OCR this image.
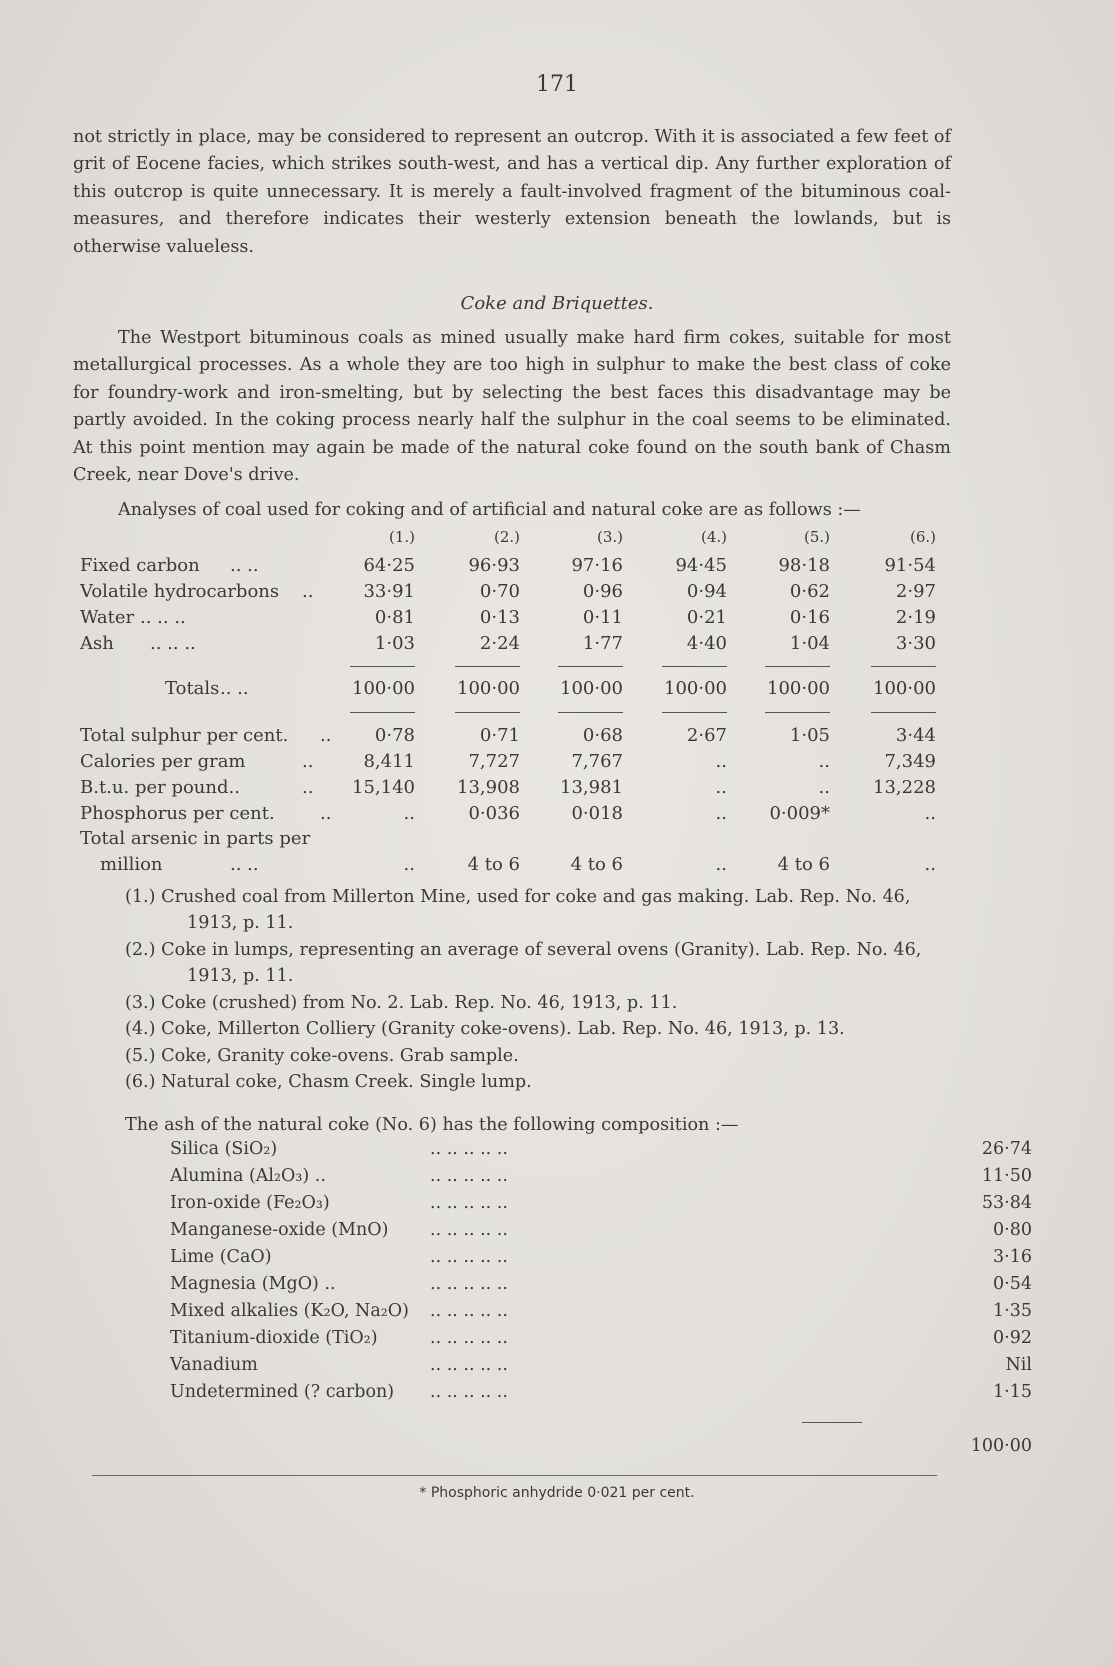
171
not strictly in place, may be considered to represent an outcrop. With it is associated a few feet of grit of Eocene facies, which strikes south-west, and has a vertical dip. Any further exploration of this outcrop is quite unnecessary. It is merely a fault-involved fragment of the bituminous coal-measures, and therefore indicates their westerly extension beneath the lowlands, but is otherwise valueless.
Coke and Briquettes.
The Westport bituminous coals as mined usually make hard firm cokes, suitable for most metallurgical processes. As a whole they are too high in sulphur to make the best class of coke for foundry-work and iron-smelting, but by selecting the best faces this disadvantage may be partly avoided. In the coking process nearly half the sulphur in the coal seems to be eliminated. At this point mention may again be made of the natural coke found on the south bank of Chasm Creek, near Dove's drive.
Analyses of coal used for coking and of artificial and natural coke are as follows :—
(1.)	(2.)	(3.)	(4.)	(5.)	(6.)
Fixed carbon .. ..	64·25	96·93	97·16	94·45	98·18	91·54
Volatile hydrocarbons ..	33·91	0·70	0·96	0·94	0·62	2·97
Water .. .. ..	0·81	0·13	0·11	0·21	0·16	2·19
Ash .. .. ..	1·03	2·24	1·77	4·40	1·04	3·30
Totals .. ..	100·00	100·00	100·00	100·00	100·00	100·00
Total sulphur per cent. ..	0·78	0·71	0·68	2·67	1·05	3·44
Calories per gram	..	8,411	7,727	7,767	..	..	7,349
B.t.u. per pound..	..	15,140	13,908	13,981	..	..	13,228
Phosphorus per cent.	..	..	0·036	0·018	..	0·009*	..
Total arsenic in parts per
million	.. ..	..	4 to 6	4 to 6	..	4 to 6	..
(1.) Crushed coal from Millerton Mine, used for coke and gas making. Lab. Rep. No. 46,
1913, p. 11.
(2.) Coke in lumps, representing an average of several ovens (Granity). Lab. Rep. No. 46,
1913, p. 11.
(3.) Coke (crushed) from No. 2. Lab. Rep. No. 46, 1913, p. 11.
(4.) Coke, Millerton Colliery (Granity coke-ovens). Lab. Rep. No. 46, 1913, p. 13.
(5.) Coke, Granity coke-ovens. Grab sample.
(6.) Natural coke, Chasm Creek. Single lump.
The ash of the natural coke (No. 6) has the following composition :—
Silica (SiO₂)	.. .. .. .. ..	26·74
Alumina (Al₂O₃) ..	.. .. .. .. ..	11·50
Iron-oxide (Fe₂O₃)	.. .. .. .. ..	53·84
Manganese-oxide (MnO) .. .. .. .. ..	0·80
Lime (CaO)	.. .. .. .. ..	3·16
Magnesia (MgO) ..	.. .. .. .. ..	0·54
Mixed alkalies (K₂O, Na₂O) .. .. .. .. ..	1·35
Titanium-dioxide (TiO₂)	.. .. .. .. ..	0·92
Vanadium	.. .. .. .. ..	Nil
Undetermined (? carbon) .. .. .. .. ..	1·15
100·00
* Phosphoric anhydride 0·021 per cent.
